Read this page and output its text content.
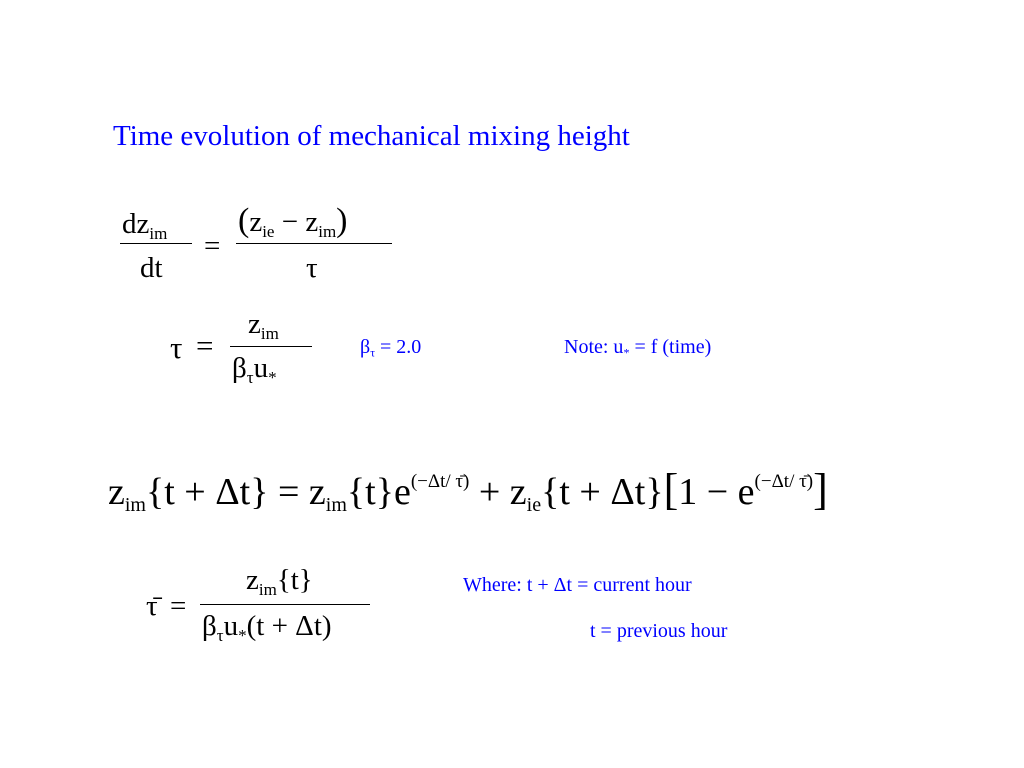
Time evolution of mechanical mixing height
$dz_{im}$
dt
=
$(z_{ie} - z_{im})$
τ
τ =
$z_{im}$
$\beta_\tau u_*$
βτ = 2.0	Note: u* = f (time)
$z_{im}\{t + \Delta t\} = z_{im}\{t\}e^{(-\Delta t/ \taū)} + z_{ie}\{t + \Delta t\}[1 - e^{(-\Delta t/ \taū)}]$
τ̄ =
$z_{im}\{t\}$
$\beta_\tau u_*(t + \Delta t)$
Where: t + Δt = current hour
t = previous hour
